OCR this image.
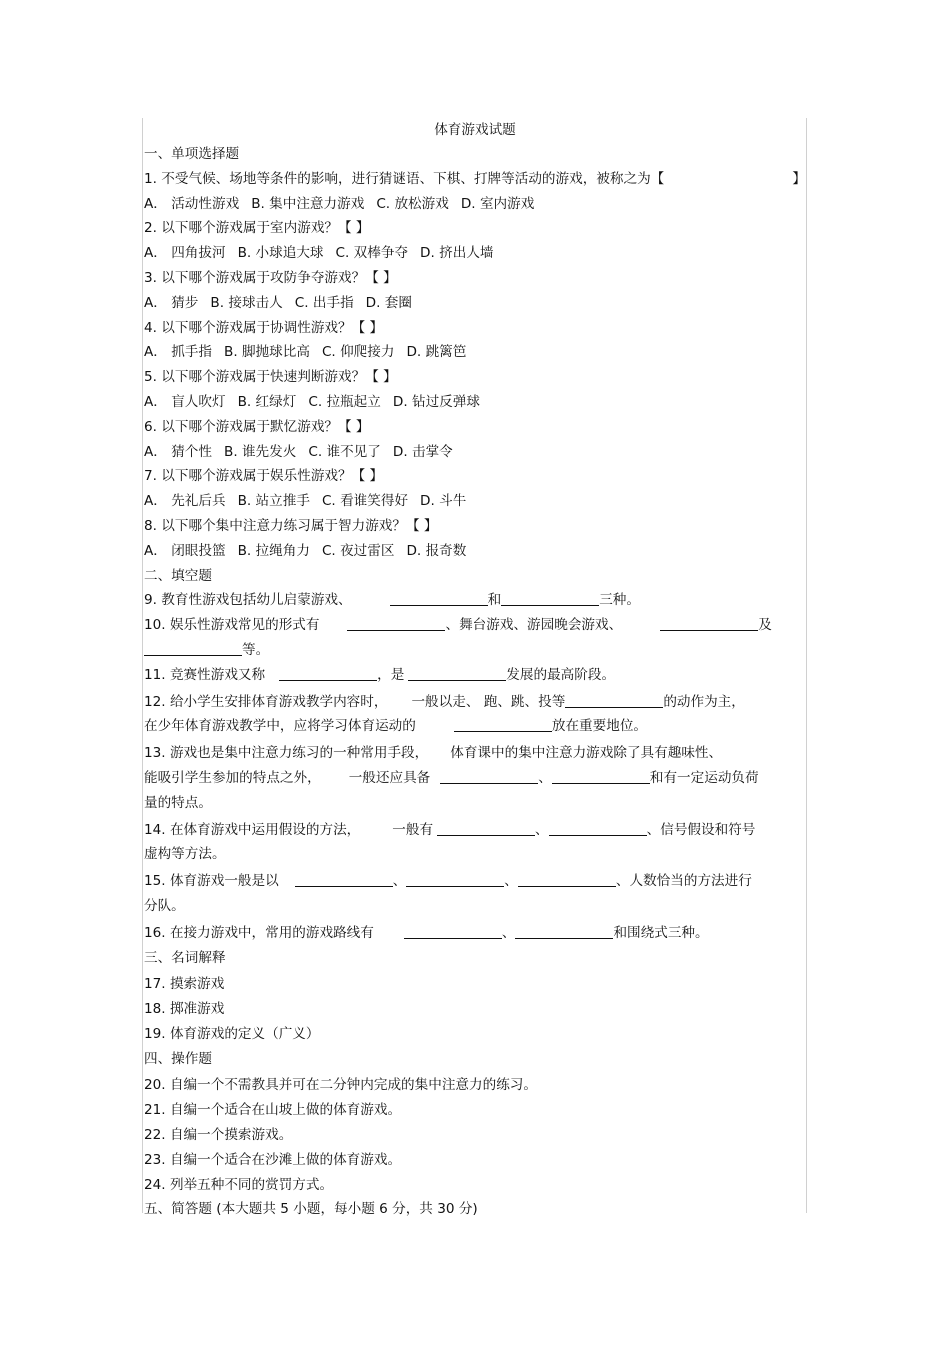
体育游戏试题
一、单项选择题
1. 不受气候、场地等条件的影响，进行猜谜语、下棋、打牌等活动的游戏，被称之为【	】
A． 活动性游戏 B. 集中注意力游戏 C. 放松游戏 D. 室内游戏
2. 以下哪个游戏属于室内游戏？【 】
A． 四角拔河 B. 小球追大球 C. 双棒争夺 D. 挤出人墙
3. 以下哪个游戏属于攻防争夺游戏？【 】
A． 猜步 B. 接球击人 C. 出手指 D. 套圈
4. 以下哪个游戏属于协调性游戏？【 】
A． 抓手指 B. 脚抛球比高 C. 仰爬接力 D. 跳篱笆
5. 以下哪个游戏属于快速判断游戏？【 】
A． 盲人吹灯 B. 红绿灯 C. 拉瓶起立 D. 钻过反弹球
6. 以下哪个游戏属于默忆游戏？【 】
A． 猜个性 B. 谁先发火 C. 谁不见了 D. 击掌令
7. 以下哪个游戏属于娱乐性游戏？【 】
A． 先礼后兵 B. 站立推手 C. 看谁笑得好 D. 斗牛
8. 以下哪个集中注意力练习属于智力游戏？【 】
A． 闭眼投篮 B. 拉绳角力 C. 夜过雷区 D. 报奇数
二、填空题
9. 教育性游戏包括幼儿启蒙游戏、	和	三种。
10. 娱乐性游戏常见的形式有	、舞台游戏、游园晚会游戏、	及
等。
11. 竞赛性游戏又称	，是	发展的最高阶段。
12. 给小学生安排体育游戏教学内容时， 一般以走、 跑、跳、投等	的动作为主，
在少年体育游戏教学中，应将学习体育运动的	放在重要地位。
13. 游戏也是集中注意力练习的一种常用手段， 体育课中的集中注意力游戏除了具有趣味性、
能吸引学生参加的特点之外， 一般还应具备	、	和有一定运动负荷
量的特点。
14. 在体育游戏中运用假设的方法， 一般有	、	、信号假设和符号
虚构等方法。
15. 体育游戏一般是以	、	、	、人数恰当的方法进行
分队。
16. 在接力游戏中，常用的游戏路线有	、	和围绕式三种。
三、名词解释
17. 摸索游戏
18. 掷准游戏
19. 体育游戏的定义（广义）
四、操作题
20. 自编一个不需教具并可在二分钟内完成的集中注意力的练习。
21. 自编一个适合在山坡上做的体育游戏。
22. 自编一个摸索游戏。
23. 自编一个适合在沙滩上做的体育游戏。
24. 列举五种不同的赏罚方式。
五、简答题 (本大题共 5 小题，每小题 6 分，共 30 分)
